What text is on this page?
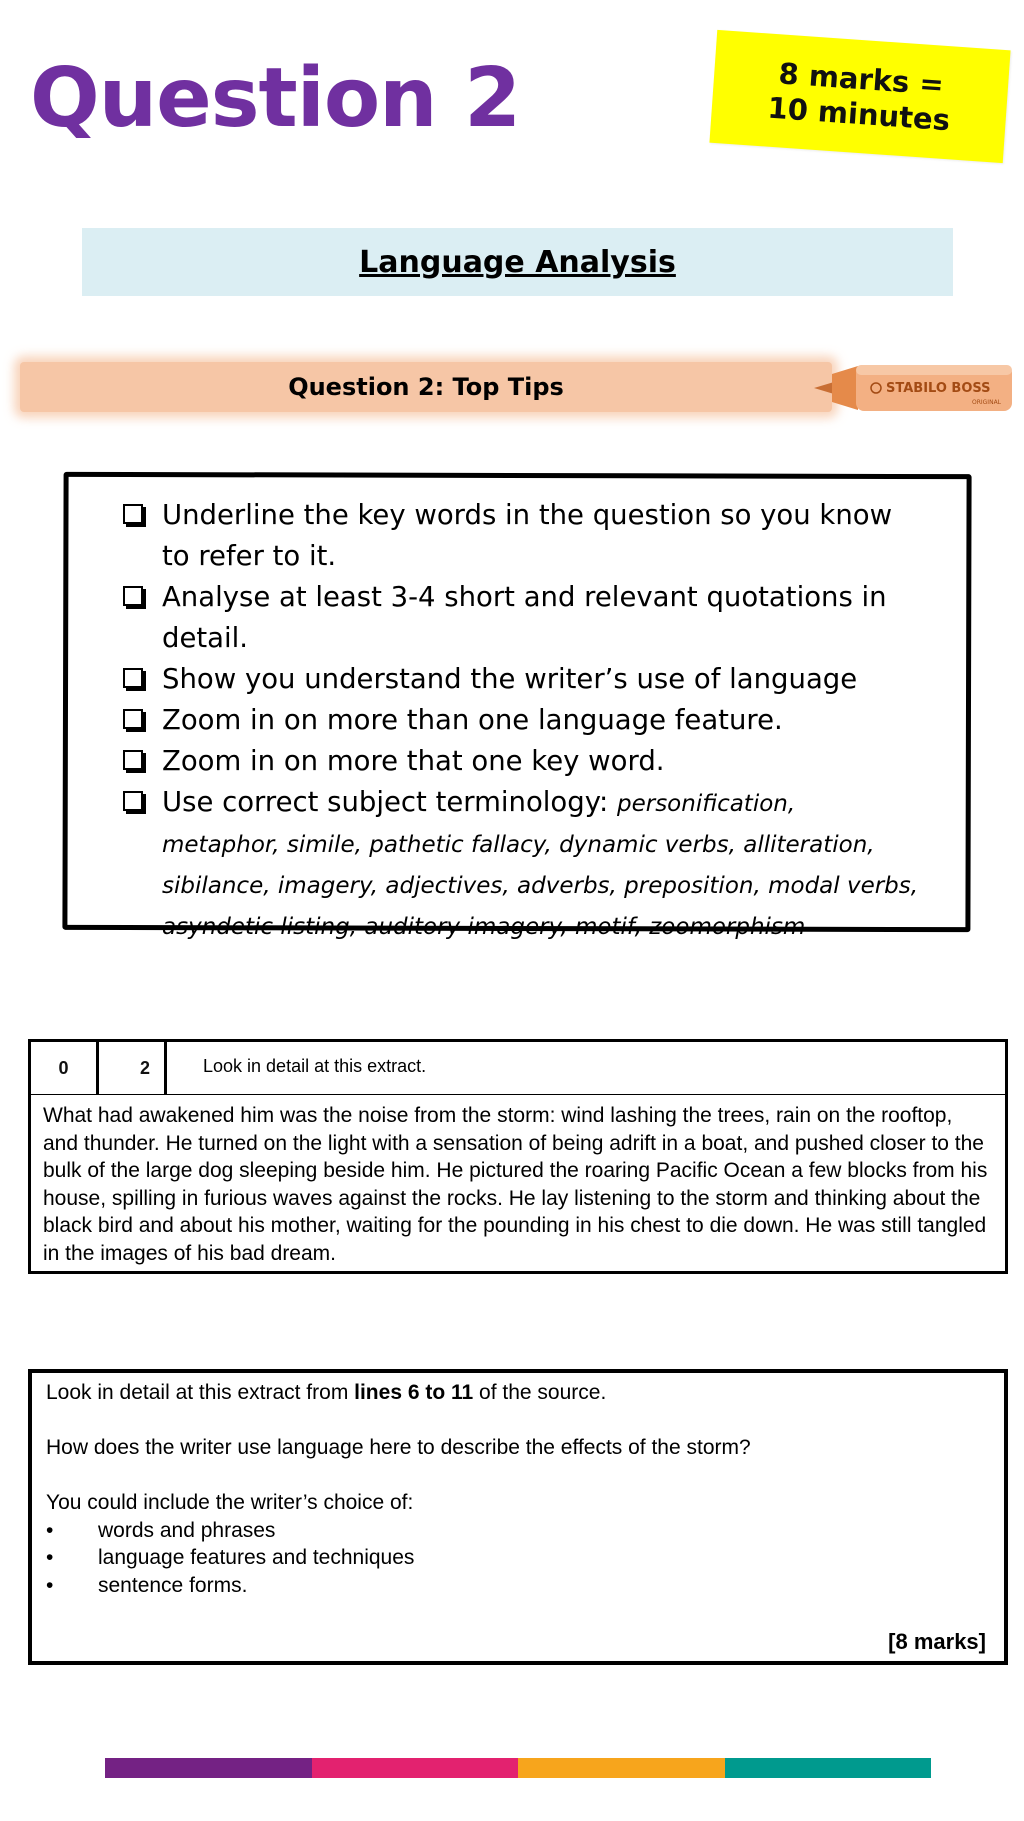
Question 2	8 marks =
10 minutes
Language Analysis
Question 2: Top Tips	STABILO BOSS
ORIGINAL
Underline the key words in the question so you know to refer to it.
Analyse at least 3-4 short and relevant quotations in detail.
Show you understand the writer’s use of language
Zoom in on more than one language feature.
Zoom in on more that one key word.
Use correct subject terminology: personification, metaphor, simile, pathetic fallacy, dynamic verbs, alliteration, sibilance, imagery, adjectives, adverbs, preposition, modal verbs, asyndetic listing, auditory imagery, motif, zoomorphism
0	2	Look in detail at this extract.
What had awakened him was the noise from the storm: wind lashing the trees, rain on the rooftop, and thunder. He turned on the light with a sensation of being adrift in a boat, and pushed closer to the bulk of the large dog sleeping beside him. He pictured the roaring Pacific Ocean a few blocks from his house, spilling in furious waves against the rocks. He lay listening to the storm and thinking about the black bird and about his mother, waiting for the pounding in his chest to die down. He was still tangled in the images of his bad dream.

Look in detail at this extract from lines 6 to 11 of the source.

How does the writer use language here to describe the effects of the storm?

You could include the writer’s choice of:

• words and phrases
• language features and techniques
• sentence forms.
[8 marks]
